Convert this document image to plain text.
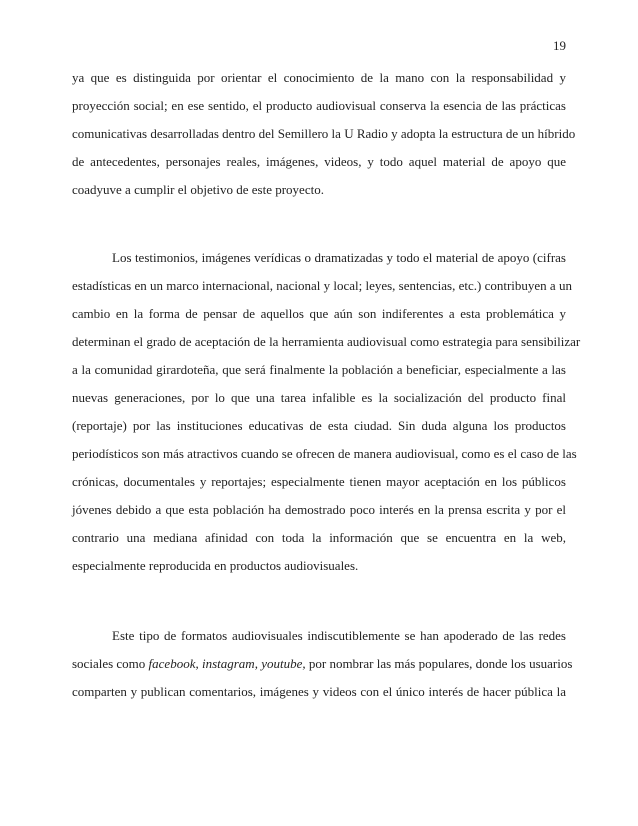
19
ya que es distinguida por orientar el conocimiento de la mano con la responsabilidad y
proyección social; en ese sentido, el producto audiovisual conserva la esencia de las prácticas
comunicativas desarrolladas dentro del Semillero la U Radio y adopta la estructura de un híbrido
de antecedentes, personajes reales, imágenes, videos, y todo aquel material de apoyo que
coadyuve a cumplir el objetivo de este proyecto.
Los testimonios, imágenes verídicas o dramatizadas y todo el material de apoyo (cifras
estadísticas en un marco internacional, nacional y local; leyes, sentencias, etc.) contribuyen a un
cambio en la forma de pensar de aquellos que aún son indiferentes a esta problemática y
determinan el grado de aceptación de la herramienta audiovisual como estrategia para sensibilizar
a la comunidad girardoteña, que será finalmente la población a beneficiar, especialmente a las
nuevas generaciones, por lo que una tarea infalible es la socialización del producto final
(reportaje) por las instituciones educativas de esta ciudad. Sin duda alguna los productos
periodísticos son más atractivos cuando se ofrecen de manera audiovisual, como es el caso de las
crónicas, documentales y reportajes; especialmente tienen mayor aceptación en los públicos
jóvenes debido a que esta población ha demostrado poco interés en la prensa escrita y por el
contrario una mediana afinidad con toda la información que se encuentra en la web,
especialmente reproducida en productos audiovisuales.
Este tipo de formatos audiovisuales indiscutiblemente se han apoderado de las redes
sociales como facebook, instagram, youtube, por nombrar las más populares, donde los usuarios
comparten y publican comentarios, imágenes y videos con el único interés de hacer pública la
